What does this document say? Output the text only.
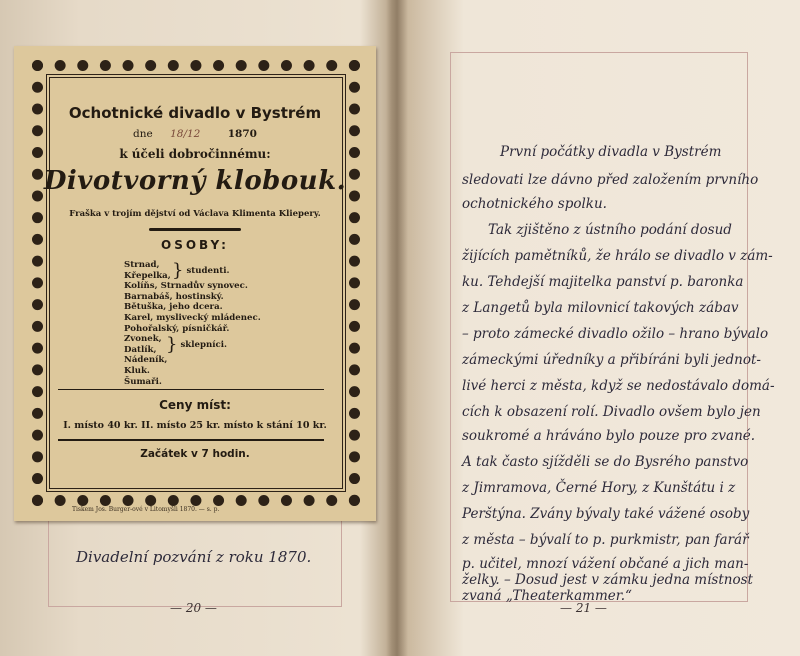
Ochotnické divadlo v Bystrém
dne 18/12	1870
k účeli dobročinnému:
Divotvorný klobouk.
Fraška v trojím dějství od Václava Klimenta Kliepery.
OSOBY:
Strnad,
Křepelka,
Kolíňs, Strnadův synovec.
Barnabáš, hostinský.
Bětuška, jeho dcera.
Karel, myslivecký mládenec.
Pohořalský, písničkář.
Zvonek,
Datlík,
Nádeník,
Kluk.
Šumaři.
} studenti.
} sklepníci.
Ceny míst:
I. místo 40 kr. II. místo 25 kr. místo k stání 10 kr.
Začátek v 7 hodin.
Tiskem Jos. Burger-ové v Litomyšli 1870. — s. p.
Divadelní pozvání z roku 1870.
— 20 —
První počátky divadla v Bystrém
sledovati lze dávno před založením prvního
ochotnického spolku.
Tak zjištěno z ústního podání dosud
žijících pamětníků, že hrálo se divadlo v zám-
ku. Tehdejší majitelka panství p. baronka
z Langetů byla milovnicí takových zábav
– proto zámecké divadlo ožilo – hrano bývalo
zámeckými úředníky a přibíráni byli jednot-
livé herci z města, když se nedostávalo domá-
cích k obsazení rolí. Divadlo ovšem bylo jen
soukromé a hráváno bylo pouze pro zvané.
A tak často sjížděli se do Bysrého panstvo
z Jimramova, Černé Hory, z Kunštátu i z
Perštýna. Zvány bývaly také vážené osoby
z města – bývalí to p. purkmistr, pan farář
p. učitel, mnozí vážení občané a jich man-
želky. – Dosud jest v zámku jedna místnost
zvaná „Theaterkammer.“
— 21 —
